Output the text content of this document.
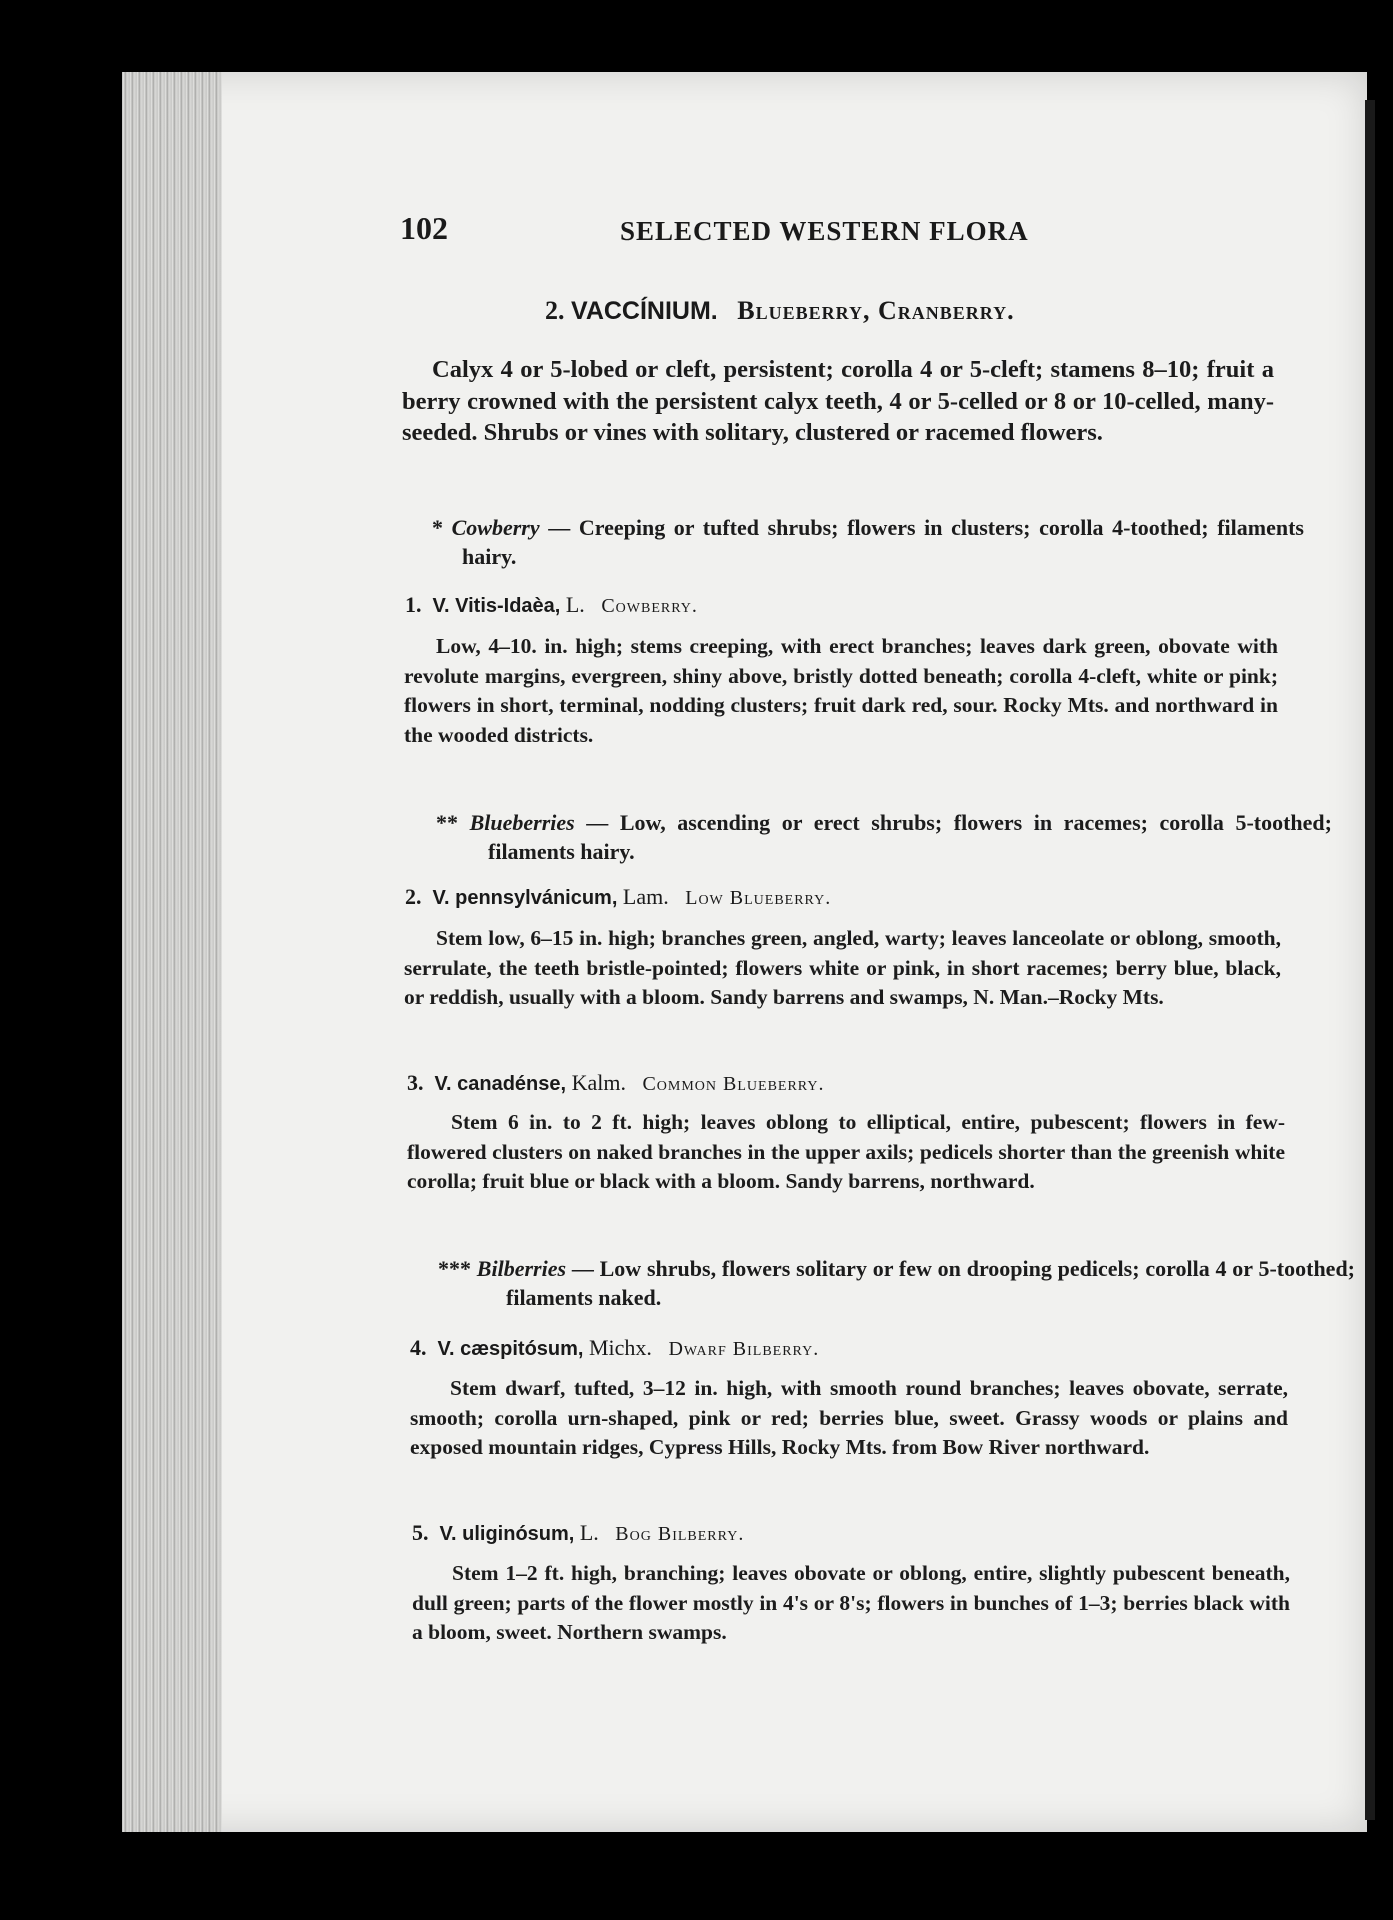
102	SELECTED WESTERN FLORA
2. VACCÍNIUM. Blueberry, Cranberry.
Calyx 4 or 5-lobed or cleft, persistent; corolla 4 or 5-cleft; stamens 8–10; fruit a berry crowned with the persistent calyx teeth, 4 or 5-celled or 8 or 10-celled, many-seeded. Shrubs or vines with solitary, clustered or racemed flowers.
* Cowberry — Creeping or tufted shrubs; flowers in clusters; corolla 4-toothed; filaments hairy.
1. V. Vitis-Idaèa, L. Cowberry.
Low, 4–10. in. high; stems creeping, with erect branches; leaves dark green, obovate with revolute margins, evergreen, shiny above, bristly dotted beneath; corolla 4-cleft, white or pink; flowers in short, terminal, nodding clusters; fruit dark red, sour. Rocky Mts. and northward in the wooded districts.
** Blueberries — Low, ascending or erect shrubs; flowers in racemes; corolla 5-toothed; filaments hairy.
2. V. pennsylvánicum, Lam. Low Blueberry.
Stem low, 6–15 in. high; branches green, angled, warty; leaves lanceolate or oblong, smooth, serrulate, the teeth bristle-pointed; flowers white or pink, in short racemes; berry blue, black, or reddish, usually with a bloom. Sandy barrens and swamps, N. Man.–Rocky Mts.
3. V. canadénse, Kalm. Common Blueberry.
Stem 6 in. to 2 ft. high; leaves oblong to elliptical, entire, pubescent; flowers in few-flowered clusters on naked branches in the upper axils; pedicels shorter than the greenish white corolla; fruit blue or black with a bloom. Sandy barrens, northward.
*** Bilberries — Low shrubs, flowers solitary or few on drooping pedicels; corolla 4 or 5-toothed; filaments naked.
4. V. cæspitósum, Michx. Dwarf Bilberry.
Stem dwarf, tufted, 3–12 in. high, with smooth round branches; leaves obovate, serrate, smooth; corolla urn-shaped, pink or red; berries blue, sweet. Grassy woods or plains and exposed mountain ridges, Cypress Hills, Rocky Mts. from Bow River northward.
5. V. uliginósum, L. Bog Bilberry.
Stem 1–2 ft. high, branching; leaves obovate or oblong, entire, slightly pubescent beneath, dull green; parts of the flower mostly in 4's or 8's; flowers in bunches of 1–3; berries black with a bloom, sweet. Northern swamps.
